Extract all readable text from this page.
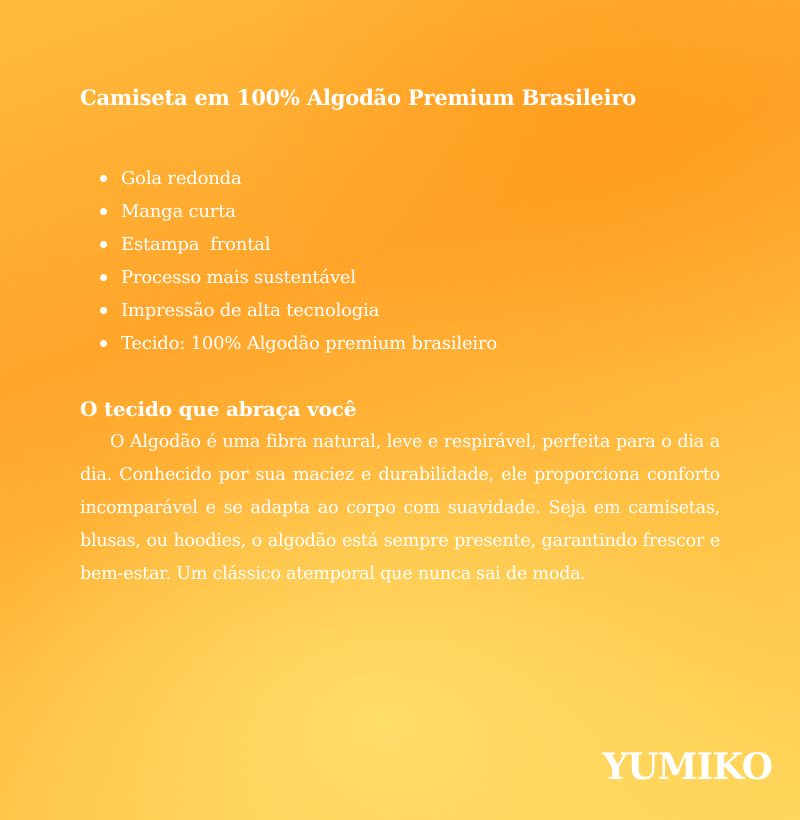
Camiseta em 100% Algodão Premium Brasileiro
Gola redonda
Manga curta
Estampa  frontal
Processo mais sustentável
Impressão de alta tecnologia
Tecido: 100% Algodão premium brasileiro
O tecido que abraça você

O Algodão é uma fibra natural, leve e respirável, perfeita para o dia a dia. Conhecido por sua maciez e durabilidade, ele proporciona conforto incomparável e se adapta ao corpo com suavidade. Seja em camisetas, blusas, ou hoodies, o algodão está sempre presente, garantindo frescor e bem-estar. Um clássico atemporal que nunca sai de moda.

YUMIKO
